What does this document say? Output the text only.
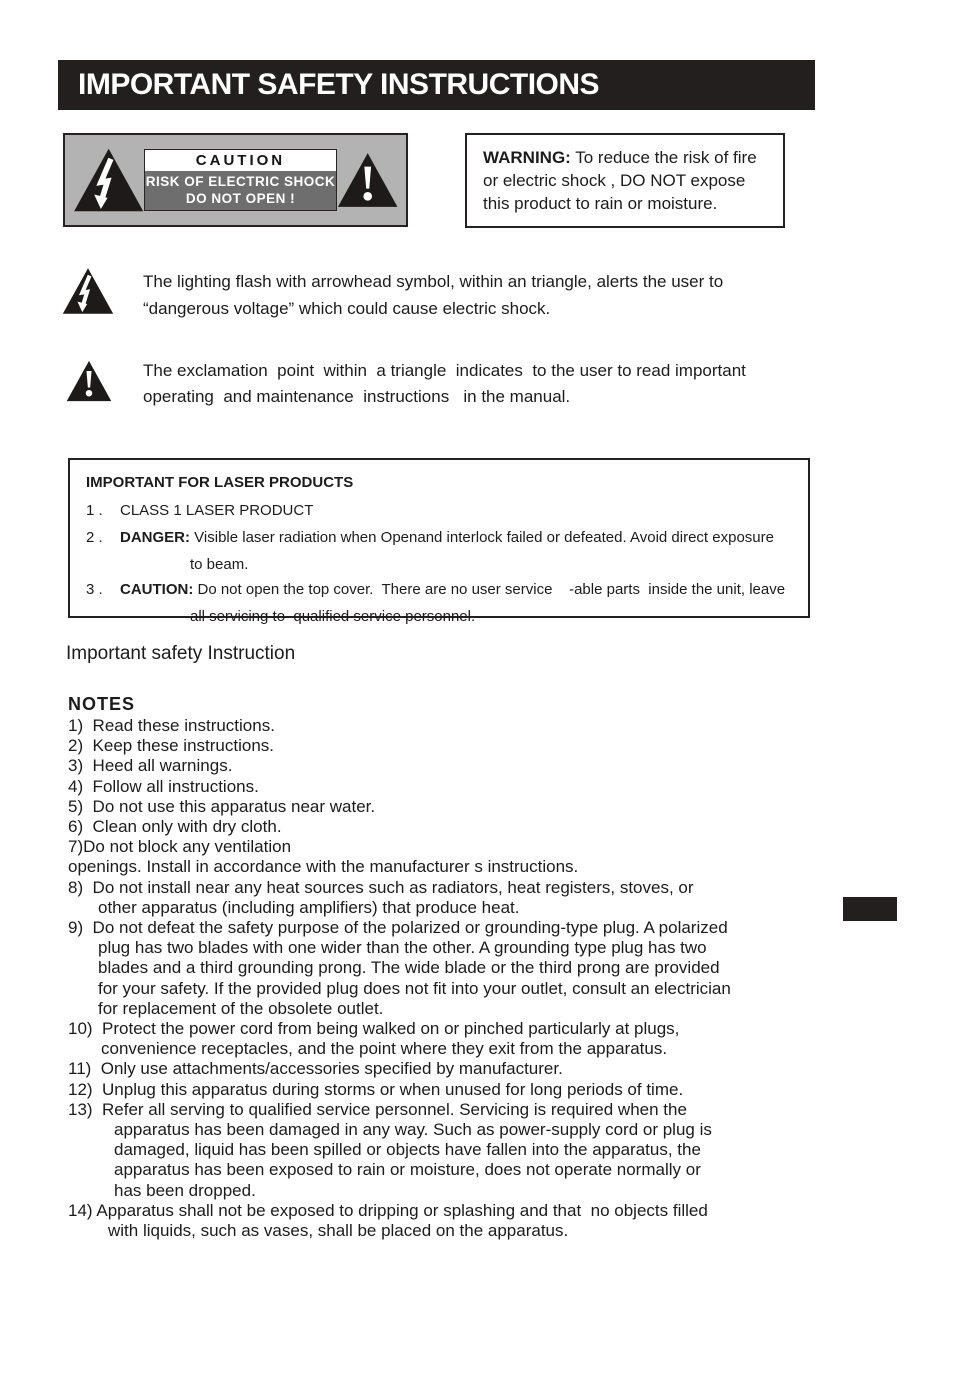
IMPORTANT SAFETY INSTRUCTIONS
CAUTION
RISK OF ELECTRIC SHOCK
DO NOT OPEN !
WARNING: To reduce the risk of fire
or electric shock , DO NOT expose
this product to rain or moisture.
The lighting flash with arrowhead symbol, within an triangle, alerts the user to
“dangerous voltage” which could cause electric shock.
The exclamation  point  within  a triangle  indicates  to the user to read important
operating  and maintenance  instructions   in the manual.
IMPORTANT FOR LASER PRODUCTS
1 . CLASS 1 LASER PRODUCT
2 . DANGER: Visible laser radiation when Openand interlock failed or defeated. Avoid direct exposure
to beam.
3 . CAUTION: Do not open the top cover.  There are no user service    -able parts  inside the unit, leave
all servicing to  qualified service personnel.
Important safety Instruction
NOTES
1)  Read these instructions.
2)  Keep these instructions.
3)  Heed all warnings.
4)  Follow all instructions.
5)  Do not use this apparatus near water.
6)  Clean only with dry cloth.
7)Do not block any ventilation
openings. Install in accordance with the manufacturer s instructions.
8)  Do not install near any heat sources such as radiators, heat registers, stoves, or
other apparatus (including amplifiers) that produce heat.
9)  Do not defeat the safety purpose of the polarized or grounding-type plug. A polarized
plug has two blades with one wider than the other. A grounding type plug has two
blades and a third grounding prong. The wide blade or the third prong are provided
for your safety. If the provided plug does not fit into your outlet, consult an electrician
for replacement of the obsolete outlet.
10)  Protect the power cord from being walked on or pinched particularly at plugs,
convenience receptacles, and the point where they exit from the apparatus.
11)  Only use attachments/accessories specified by manufacturer.
12)  Unplug this apparatus during storms or when unused for long periods of time.
13)  Refer all serving to qualified service personnel. Servicing is required when the
apparatus has been damaged in any way. Such as power-supply cord or plug is
damaged, liquid has been spilled or objects have fallen into the apparatus, the
apparatus has been exposed to rain or moisture, does not operate normally or
has been dropped.
14) Apparatus shall not be exposed to dripping or splashing and that  no objects filled
with liquids, such as vases, shall be placed on the apparatus.
